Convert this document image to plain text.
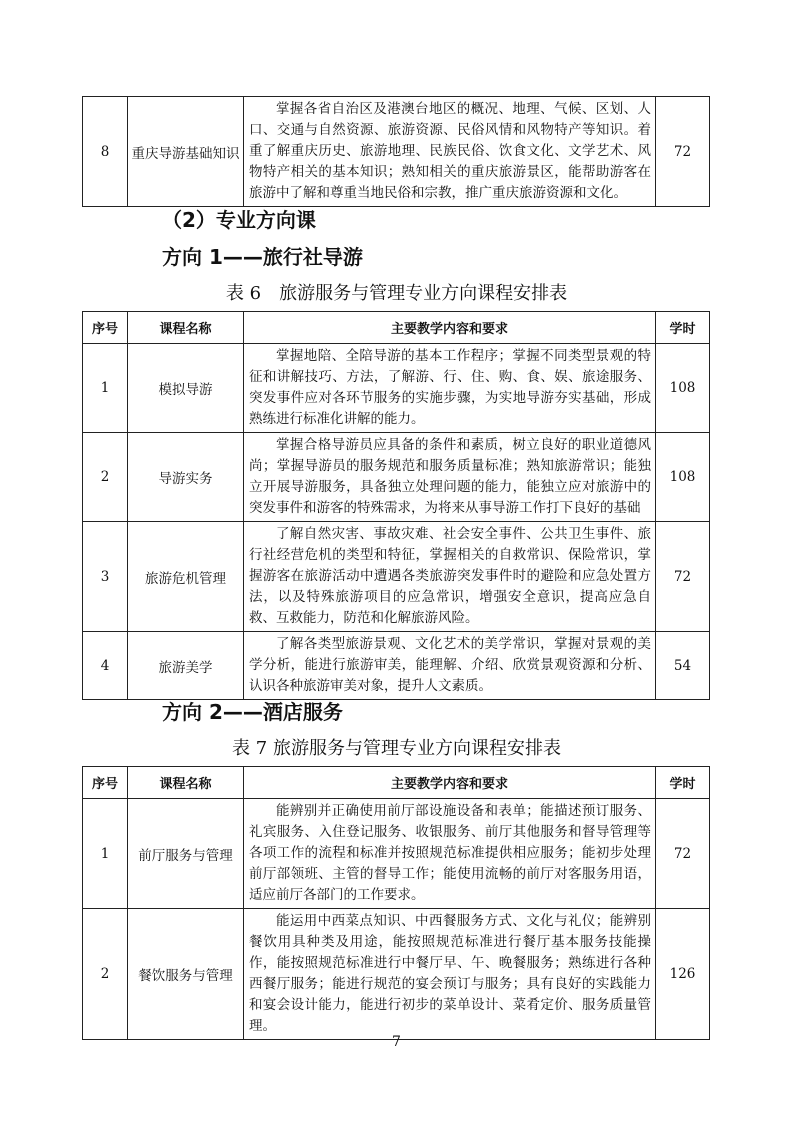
8	重庆导游基础知识	掌握各省自治区及港澳台地区的概况、地理、气候、区划、人口、交通与自然资源、旅游资源、民俗风情和风物特产等知识。着重了解重庆历史、旅游地理、民族民俗、饮食文化、文学艺术、风物特产相关的基本知识；熟知相关的重庆旅游景区，能帮助游客在旅游中了解和尊重当地民俗和宗教，推广重庆旅游资源和文化。	72

（2）专业方向课

方向 1——旅行社导游

表 6　旅游服务与管理专业方向课程安排表

序号	课程名称	主要教学内容和要求	学时
1	模拟导游	掌握地陪、全陪导游的基本工作程序；掌握不同类型景观的特征和讲解技巧、方法，了解游、行、住、购、食、娱、旅途服务、突发事件应对各环节服务的实施步骤，为实地导游夯实基础，形成熟练进行标准化讲解的能力。	108
2	导游实务	掌握合格导游员应具备的条件和素质，树立良好的职业道德风尚；掌握导游员的服务规范和服务质量标准；熟知旅游常识；能独立开展导游服务，具备独立处理问题的能力，能独立应对旅游中的突发事件和游客的特殊需求，为将来从事导游工作打下良好的基础	108
3	旅游危机管理	了解自然灾害、事故灾难、社会安全事件、公共卫生事件、旅行社经营危机的类型和特征，掌握相关的自救常识、保险常识，掌握游客在旅游活动中遭遇各类旅游突发事件时的避险和应急处置方法，以及特殊旅游项目的应急常识，增强安全意识，提高应急自救、互救能力，防范和化解旅游风险。	72
4	旅游美学	了解各类型旅游景观、文化艺术的美学常识，掌握对景观的美学分析，能进行旅游审美，能理解、介绍、欣赏景观资源和分析、认识各种旅游审美对象，提升人文素质。	54

方向 2——酒店服务

表 7 旅游服务与管理专业方向课程安排表

序号	课程名称	主要教学内容和要求	学时
1	前厅服务与管理	能辨别并正确使用前厅部设施设备和表单；能描述预订服务、礼宾服务、入住登记服务、收银服务、前厅其他服务和督导管理等各项工作的流程和标准并按照规范标准提供相应服务；能初步处理前厅部领班、主管的督导工作；能使用流畅的前厅对客服务用语，适应前厅各部门的工作要求。	72
2	餐饮服务与管理	能运用中西菜点知识、中西餐服务方式、文化与礼仪；能辨别餐饮用具种类及用途，能按照规范标准进行餐厅基本服务技能操作，能按照规范标准进行中餐厅早、午、晚餐服务；熟练进行各种西餐厅服务；能进行规范的宴会预订与服务；具有良好的实践能力和宴会设计能力，能进行初步的菜单设计、菜肴定价、服务质量管理。	126
7
